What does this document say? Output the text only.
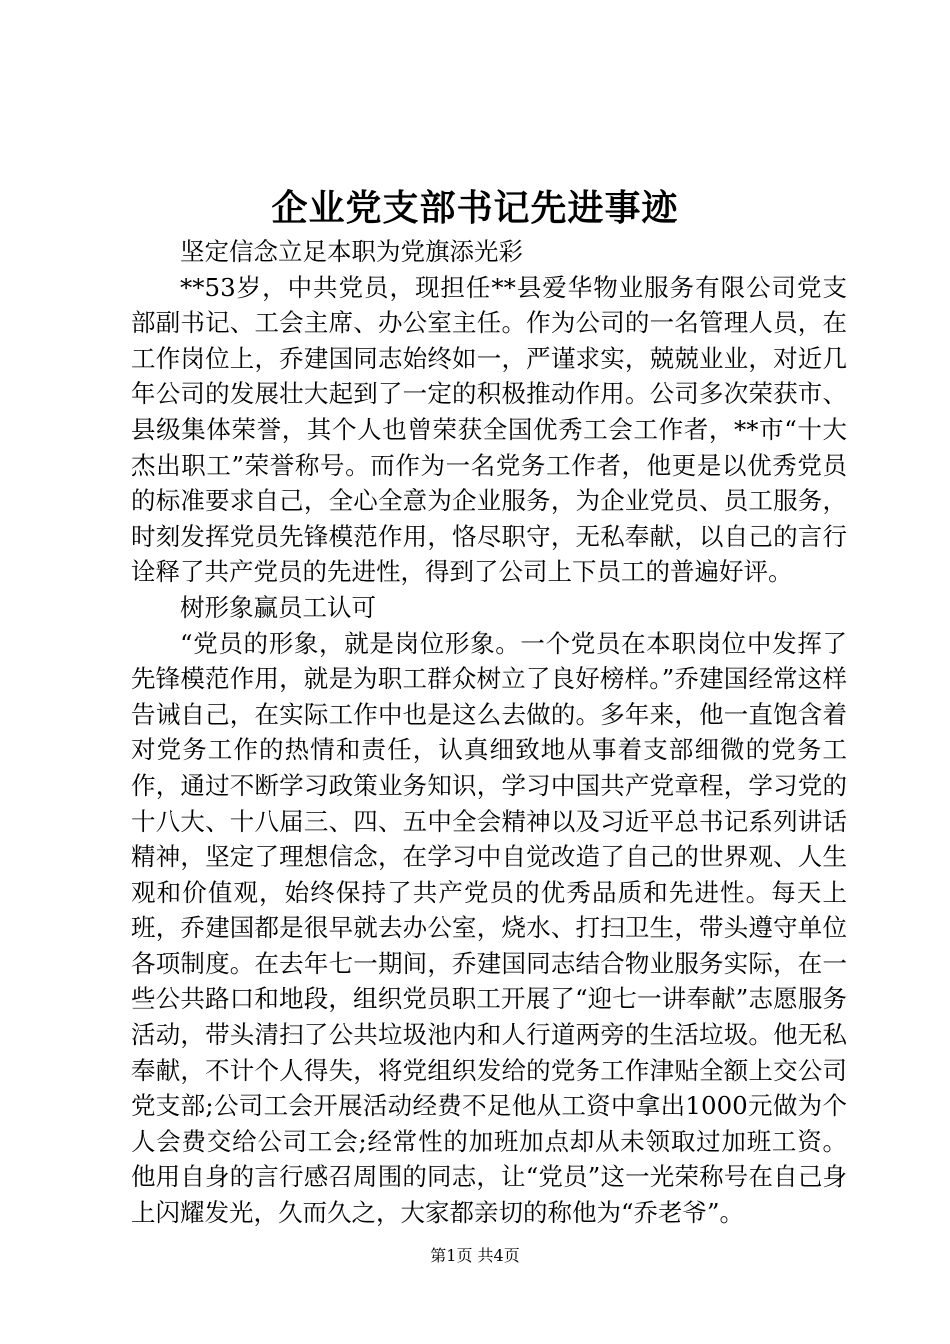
企业党支部书记先进事迹

坚定信念立足本职为党旗添光彩

**53岁，中共党员，现担任**县爱华物业服务有限公司党支部副书记、工会主席、办公室主任。作为公司的一名管理人员，在工作岗位上，乔建国同志始终如一，严谨求实，兢兢业业，对近几年公司的发展壮大起到了一定的积极推动作用。公司多次荣获市、县级集体荣誉，其个人也曾荣获全国优秀工会工作者，**市“十大杰出职工”荣誉称号。而作为一名党务工作者，他更是以优秀党员的标准要求自己，全心全意为企业服务，为企业党员、员工服务，时刻发挥党员先锋模范作用，恪尽职守，无私奉献，以自己的言行诠释了共产党员的先进性，得到了公司上下员工的普遍好评。

树形象赢员工认可

“党员的形象，就是岗位形象。一个党员在本职岗位中发挥了先锋模范作用，就是为职工群众树立了良好榜样。”乔建国经常这样告诫自己，在实际工作中也是这么去做的。多年来，他一直饱含着对党务工作的热情和责任，认真细致地从事着支部细微的党务工作，通过不断学习政策业务知识，学习中国共产党章程，学习党的十八大、十八届三、四、五中全会精神以及习近平总书记系列讲话精神，坚定了理想信念，在学习中自觉改造了自己的世界观、人生观和价值观，始终保持了共产党员的优秀品质和先进性。每天上班，乔建国都是很早就去办公室，烧水、打扫卫生，带头遵守单位各项制度。在去年七一期间，乔建国同志结合物业服务实际，在一些公共路口和地段，组织党员职工开展了“迎七一讲奉献”志愿服务活动，带头清扫了公共垃圾池内和人行道两旁的生活垃圾。他无私奉献，不计个人得失，将党组织发给的党务工作津贴全额上交公司党支部;公司工会开展活动经费不足他从工资中拿出1000元做为个人会费交给公司工会;经常性的加班加点却从未领取过加班工资。他用自身的言行感召周围的同志，让“党员”这一光荣称号在自己身上闪耀发光，久而久之，大家都亲切的称他为“乔老爷”。

第1页 共4页
